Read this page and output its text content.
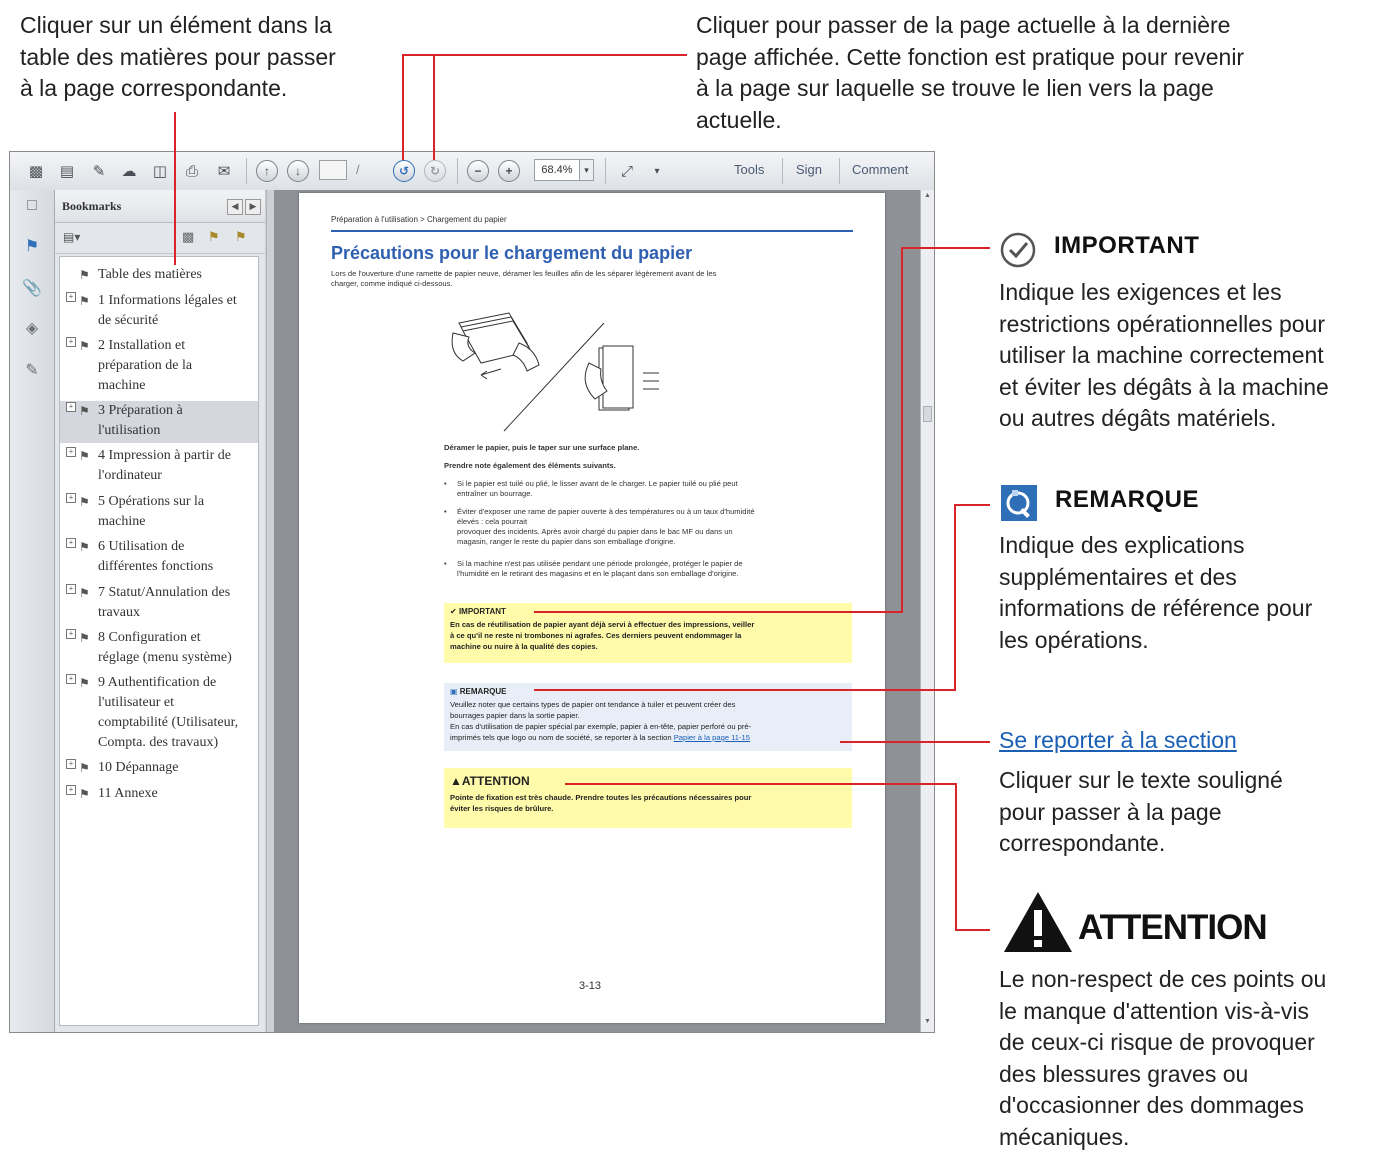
Cliquer sur un élément dans la
table des matières pour passer
à la page correspondante.
Cliquer pour passer de la page actuelle à la dernière
page affichée. Cette fonction est pratique pour revenir
à la page sur laquelle se trouve le lien vers la page
actuelle.
IMPORTANT
Indique les exigences et les
restrictions opérationnelles pour
utiliser la machine correctement
et éviter les dégâts à la machine
ou autres dégâts matériels.
REMARQUE
Indique des explications
supplémentaires et des
informations de référence pour
les opérations.
Se reporter à la section
Cliquer sur le texte souligné
pour passer à la page
correspondante.
ATTENTION
Le non-respect de ces points ou
le manque d'attention vis-à-vis
de ceux-ci risque de provoquer
des blessures graves ou
d'occasionner des dommages
mécaniques.
▩ ▤	✎	☁ ◫	⎙	✉	↑	↓	/	↺	↻	−	+	68.4%	▾	⤢	▾	Tools Sign Comment
□
⚑
📎
◈
✎
Bookmarks	◀	▶
▤▾	▩ ⚑ ⚑
⚑ Table des matières
+ ⚑ 1 Informations légales et
de sécurité
+ ⚑ 2 Installation et
préparation de la
machine
+ ⚑ 3 Préparation à
l'utilisation
+ ⚑ 4 Impression à partir de
l'ordinateur
+ ⚑ 5 Opérations sur la
machine
+ ⚑ 6 Utilisation de
différentes fonctions
+ ⚑ 7 Statut/Annulation des
travaux
+ ⚑ 8 Configuration et
réglage (menu système)
+ ⚑ 9 Authentification de
l'utilisateur et
comptabilité (Utilisateur,
Compta. des travaux)
+ ⚑ 10 Dépannage
+ ⚑ 11 Annexe
Préparation à l'utilisation > Chargement du papier
Précautions pour le chargement du papier
Lors de l'ouverture d'une ramette de papier neuve, déramer les feuilles afin de les séparer légèrement avant de les
charger, comme indiqué ci-dessous.
Déramer le papier, puis le taper sur une surface plane.
Prendre note également des éléments suivants.
•	Si le papier est tuilé ou plié, le lisser avant de le charger. Le papier tuilé ou plié peut
entraîner un bourrage.
•	Éviter d'exposer une rame de papier ouverte à des températures ou à un taux d'humidité
élevés : cela pourrait
provoquer des incidents. Après avoir chargé du papier dans le bac MF ou dans un
magasin, ranger le reste du papier dans son emballage d'origine.
•	Si la machine n'est pas utilisée pendant une période prolongée, protéger le papier de
l'humidité en le retirant des magasins et en le plaçant dans son emballage d'origine.
✔ IMPORTANT
En cas de réutilisation de papier ayant déjà servi à effectuer des impressions, veiller
à ce qu'il ne reste ni trombones ni agrafes. Ces derniers peuvent endommager la
machine ou nuire à la qualité des copies.
▣ REMARQUE
Veuillez noter que certains types de papier ont tendance à tuiler et peuvent créer des
bourrages papier dans la sortie papier.
En cas d'utilisation de papier spécial par exemple, papier à en-tête, papier perforé ou pré-
imprimés tels que logo ou nom de société, se reporter à la section Papier à la page 11-15
▲ATTENTION
Pointe de fixation est très chaude. Prendre toutes les précautions nécessaires pour
éviter les risques de brûlure.
3-13
▲
▼
